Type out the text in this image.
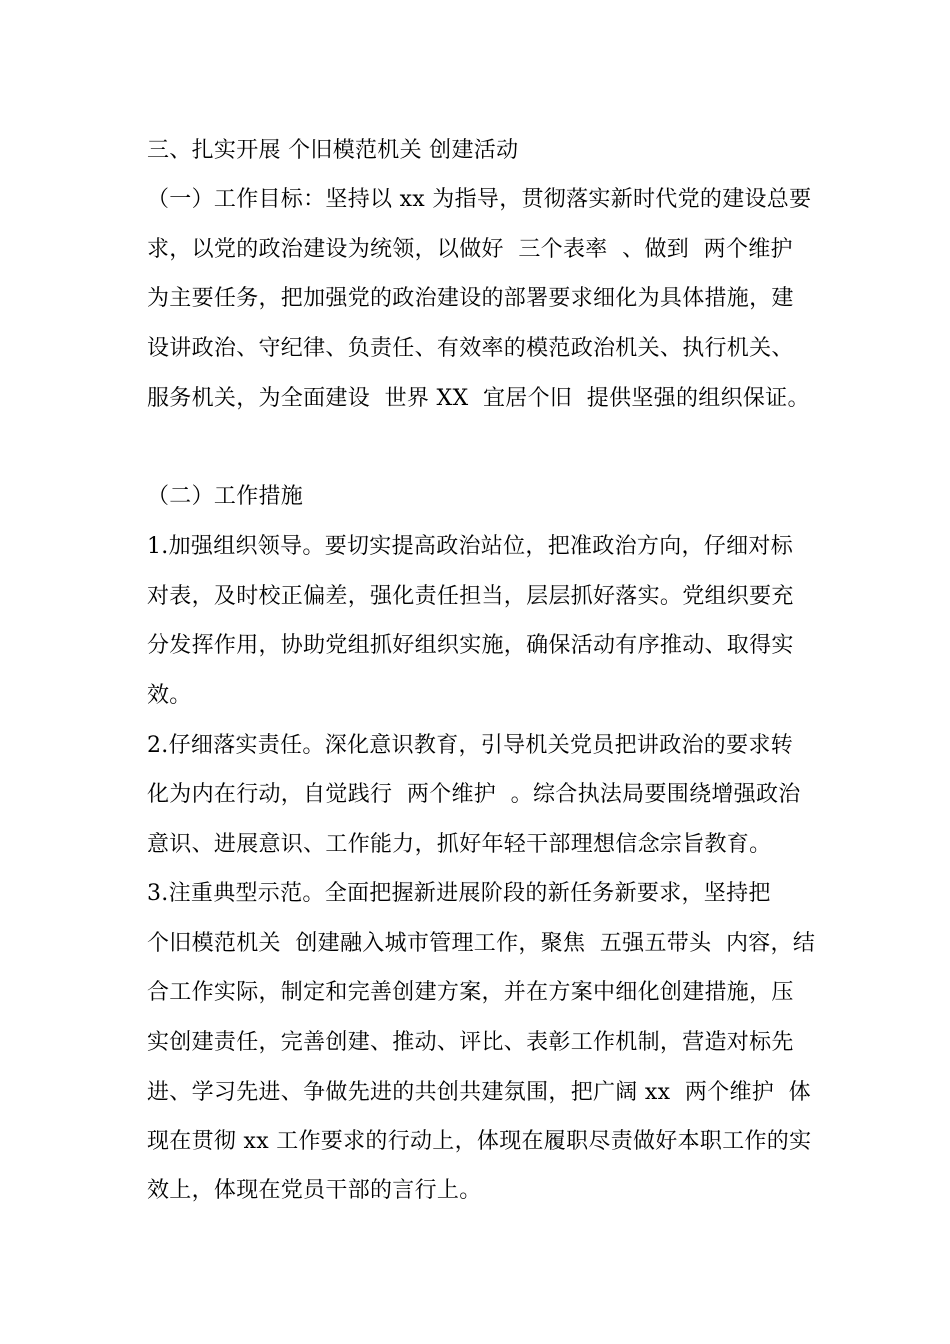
三、扎实开展 个旧模范机关 创建活动
（一）工作目标：坚持以 xx 为指导，贯彻落实新时代党的建设总要
求，以党的政治建设为统领，以做好  三个表率  、做到  两个维护
为主要任务，把加强党的政治建设的部署要求细化为具体措施，建
设讲政治、守纪律、负责任、有效率的模范政治机关、执行机关、
服务机关，为全面建设  世界 XX  宜居个旧  提供坚强的组织保证。
（二）工作措施
1.加强组织领导。要切实提高政治站位，把准政治方向，仔细对标
对表，及时校正偏差，强化责任担当，层层抓好落实。党组织要充
分发挥作用，协助党组抓好组织实施，确保活动有序推动、取得实
效。
2.仔细落实责任。深化意识教育，引导机关党员把讲政治的要求转
化为内在行动，自觉践行  两个维护  。综合执法局要围绕增强政治
意识、进展意识、工作能力，抓好年轻干部理想信念宗旨教育。
3.注重典型示范。全面把握新进展阶段的新任务新要求，坚持把
个旧模范机关  创建融入城市管理工作，聚焦  五强五带头  内容，结
合工作实际，制定和完善创建方案，并在方案中细化创建措施，压
实创建责任，完善创建、推动、评比、表彰工作机制，营造对标先
进、学习先进、争做先进的共创共建氛围，把广阔 xx  两个维护  体
现在贯彻 xx 工作要求的行动上，体现在履职尽责做好本职工作的实
效上，体现在党员干部的言行上。
